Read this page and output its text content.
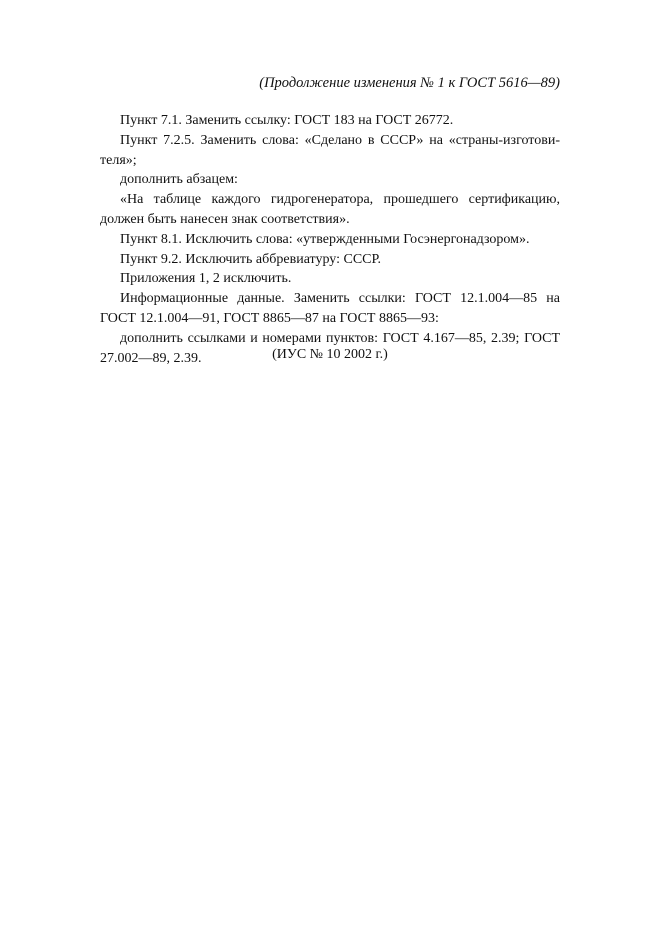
(Продолжение изменения № 1 к ГОСТ 5616—89)

Пункт 7.1. Заменить ссылку: ГОСТ 183 на ГОСТ 26772.

Пункт 7.2.5. Заменить слова: «Сделано в СССР» на «страны-изготови-теля»;

дополнить абзацем:

«На таблице каждого гидрогенератора, прошедшего сертификацию, должен быть нанесен знак соответствия».

Пункт 8.1. Исключить слова: «утвержденными Госэнергонадзором».

Пункт 9.2. Исключить аббревиатуру: СССР.

Приложения 1, 2 исключить.

Информационные данные. Заменить ссылки: ГОСТ 12.1.004—85 на ГОСТ 12.1.004—91, ГОСТ 8865—87 на ГОСТ 8865—93:

дополнить ссылками и номерами пунктов: ГОСТ 4.167—85, 2.39; ГОСТ 27.002—89, 2.39.	(ИУС № 10 2002 г.)
